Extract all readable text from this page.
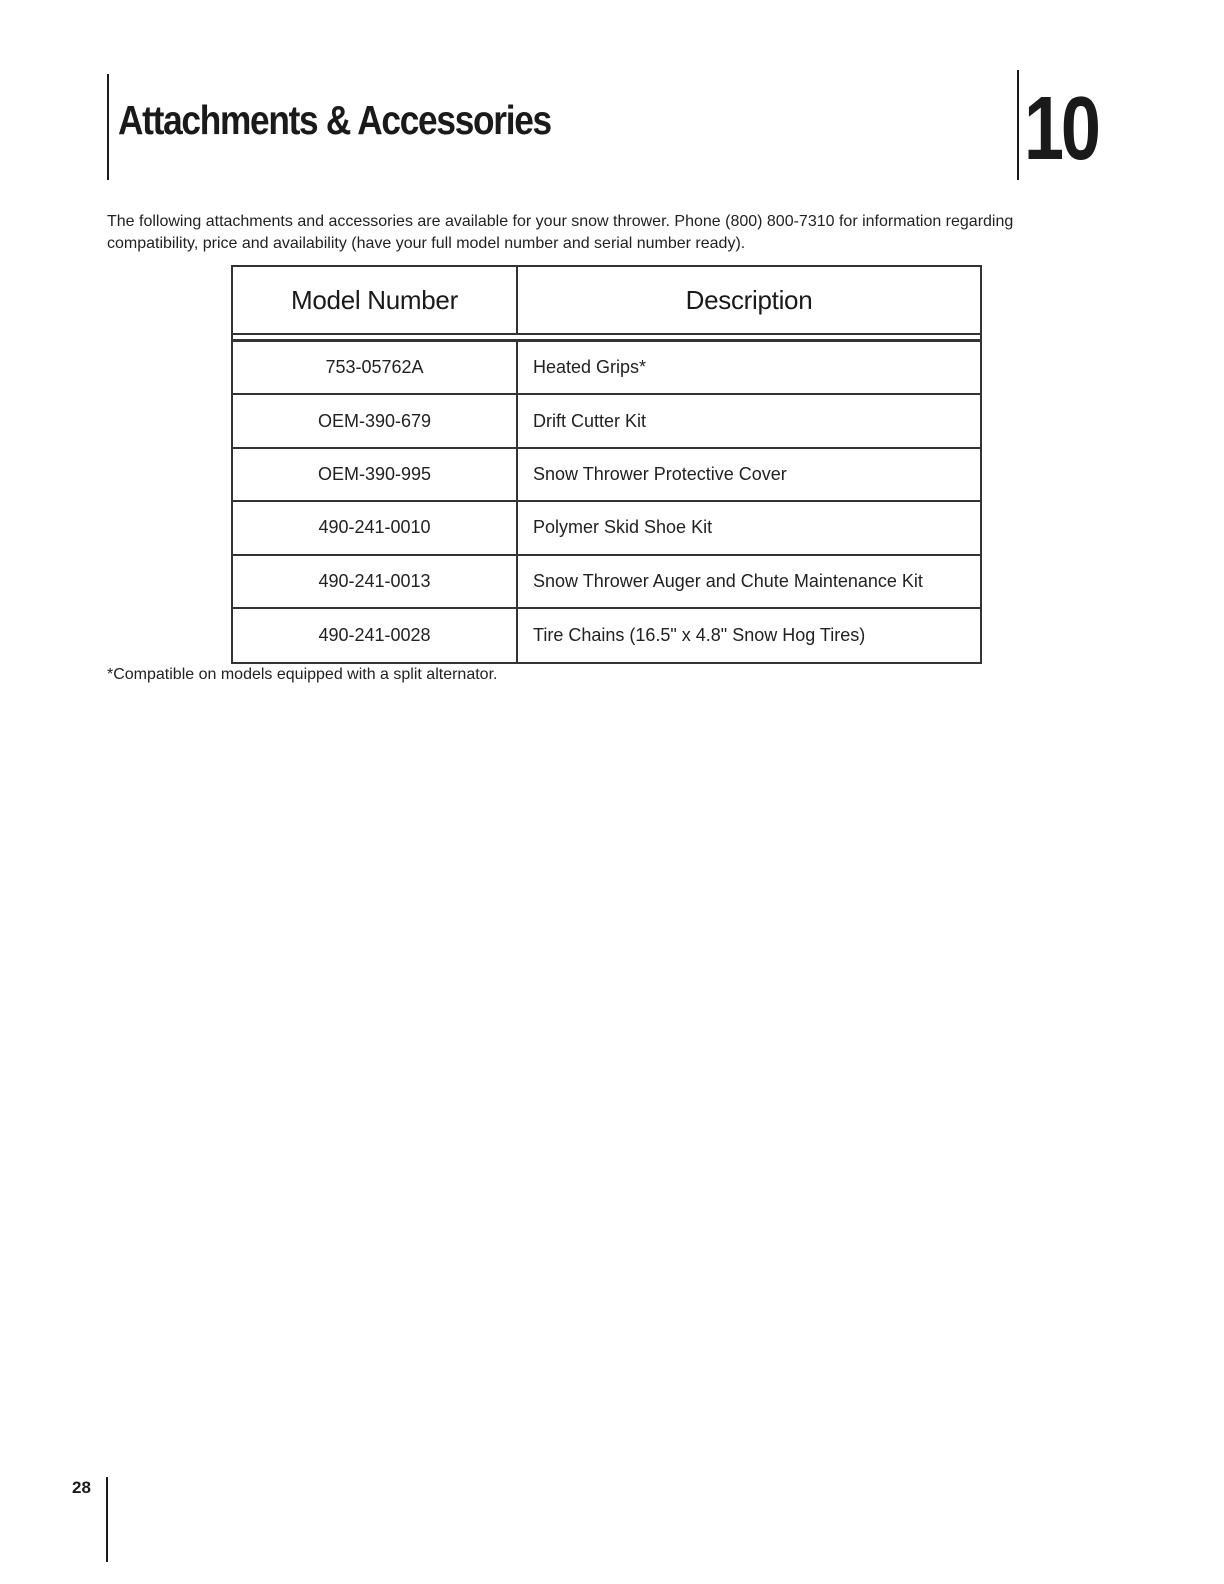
Attachments & Accessories	10

The following attachments and accessories are available for your snow thrower. Phone (800) 800-7310 for information regarding compatibility, price and availability (have your full model number and serial number ready).

Model Number	Description
753-05762A	Heated Grips*
OEM-390-679	Drift Cutter Kit
OEM-390-995	Snow Thrower Protective Cover
490-241-0010	Polymer Skid Shoe Kit
490-241-0013	Snow Thrower Auger and Chute Maintenance Kit
490-241-0028	Tire Chains (16.5" x 4.8" Snow Hog Tires)

*Compatible on models equipped with a split alternator.

28
